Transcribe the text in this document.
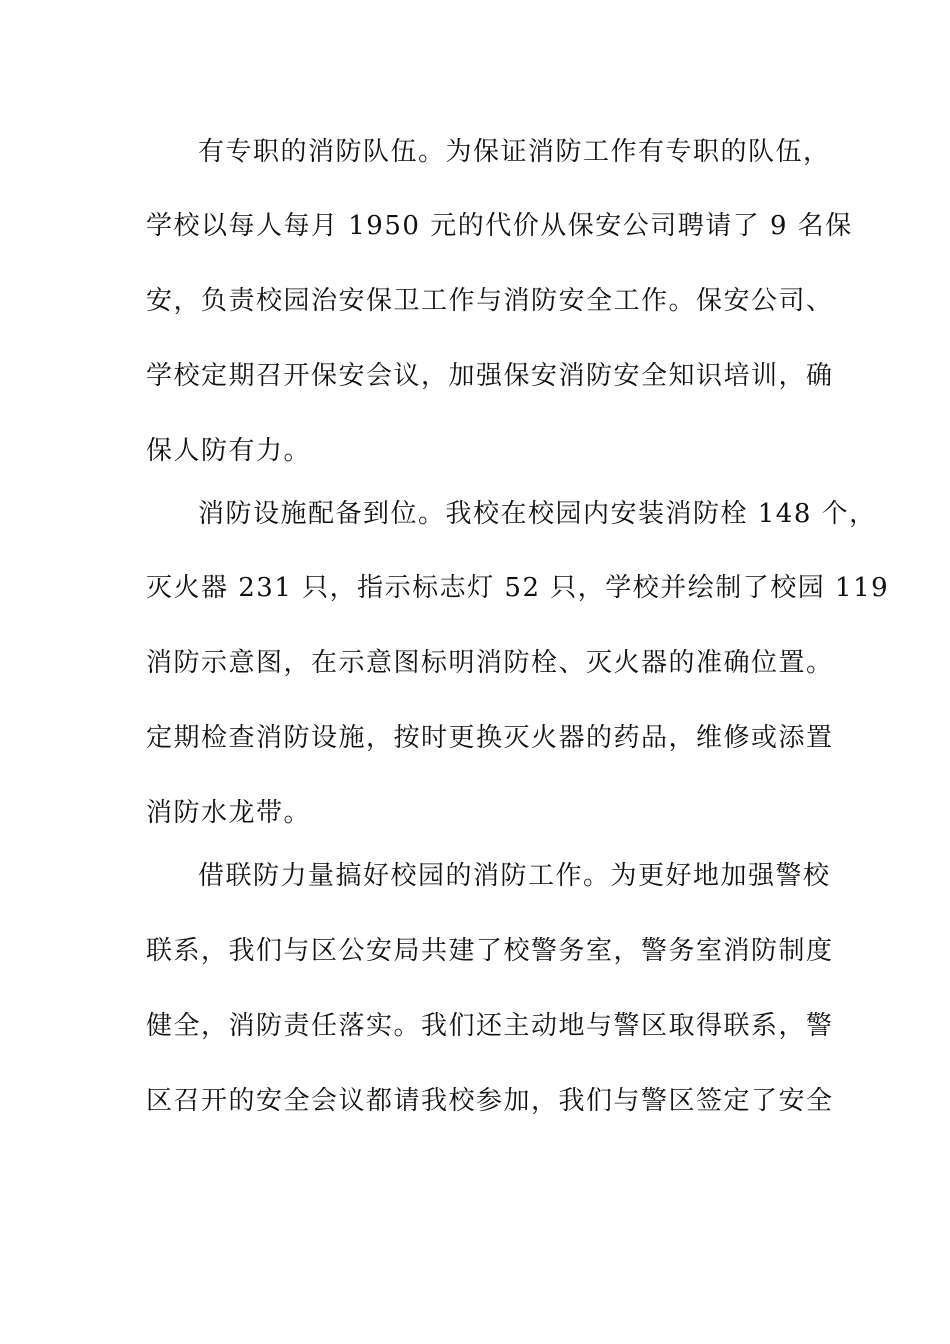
有专职的消防队伍。为保证消防工作有专职的队伍，
学校以每人每月 1950 元的代价从保安公司聘请了 9 名保
安，负责校园治安保卫工作与消防安全工作。保安公司、
学校定期召开保安会议，加强保安消防安全知识培训，确
保人防有力。
消防设施配备到位。我校在校园内安装消防栓 148 个，
灭火器 231 只，指示标志灯 52 只，学校并绘制了校园 119
消防示意图，在示意图标明消防栓、灭火器的准确位置。
定期检查消防设施，按时更换灭火器的药品，维修或添置
消防水龙带。
借联防力量搞好校园的消防工作。为更好地加强警校
联系，我们与区公安局共建了校警务室，警务室消防制度
健全，消防责任落实。我们还主动地与警区取得联系，警
区召开的安全会议都请我校参加，我们与警区签定了安全
